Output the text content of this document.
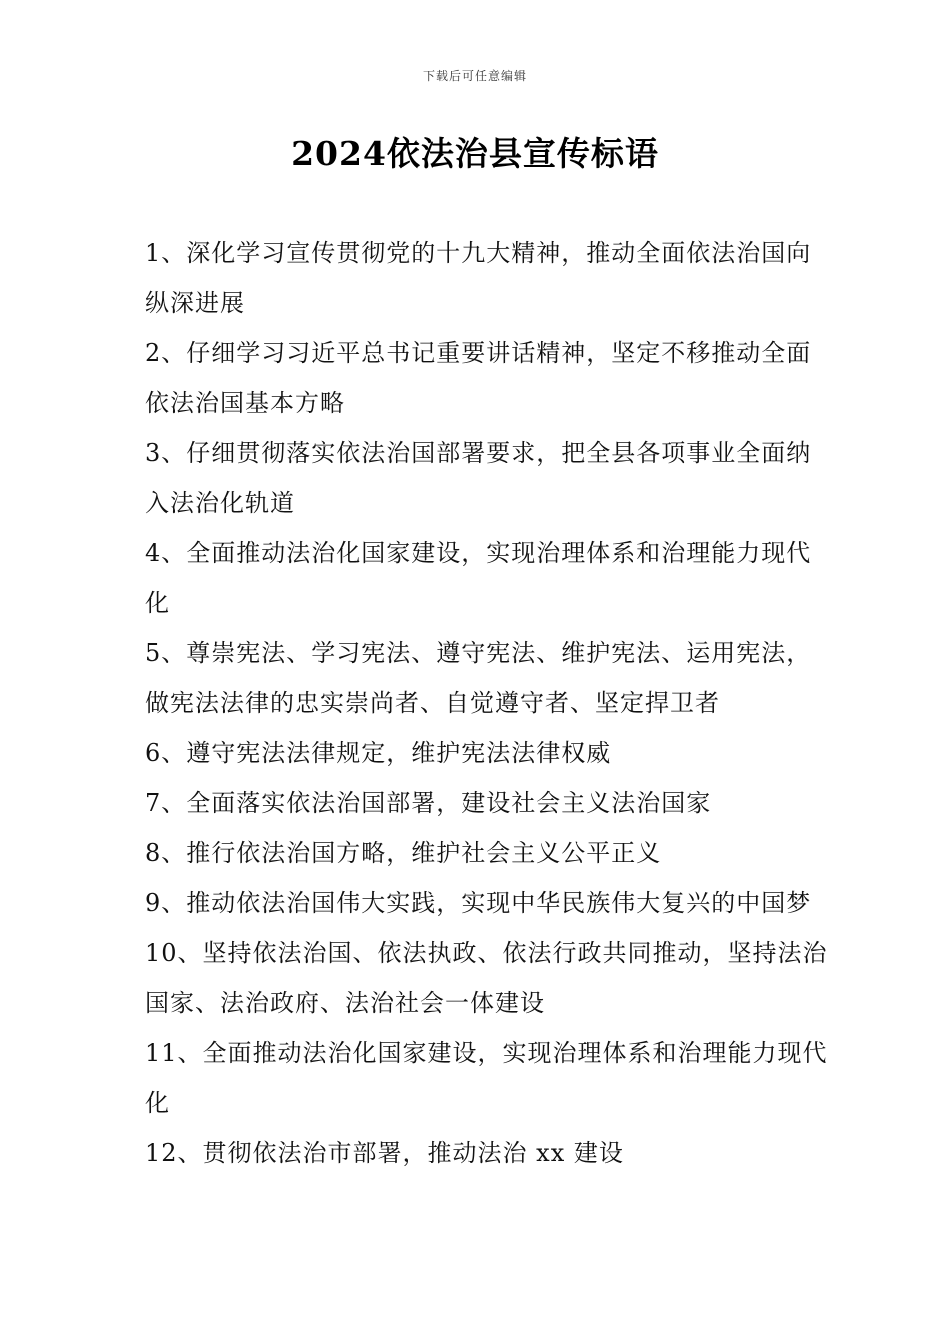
下载后可任意编辑
2024依法治县宣传标语
1、深化学习宣传贯彻党的十九大精神，推动全面依法治国向纵深进展
2、仔细学习习近平总书记重要讲话精神，坚定不移推动全面依法治国基本方略
3、仔细贯彻落实依法治国部署要求，把全县各项事业全面纳入法治化轨道
4、全面推动法治化国家建设，实现治理体系和治理能力现代化
5、尊崇宪法、学习宪法、遵守宪法、维护宪法、运用宪法，做宪法法律的忠实崇尚者、自觉遵守者、坚定捍卫者
6、遵守宪法法律规定，维护宪法法律权威
7、全面落实依法治国部署，建设社会主义法治国家
8、推行依法治国方略，维护社会主义公平正义
9、推动依法治国伟大实践，实现中华民族伟大复兴的中国梦
10、坚持依法治国、依法执政、依法行政共同推动，坚持法治国家、法治政府、法治社会一体建设
11、全面推动法治化国家建设，实现治理体系和治理能力现代化
12、贯彻依法治市部署，推动法治 xx 建设
